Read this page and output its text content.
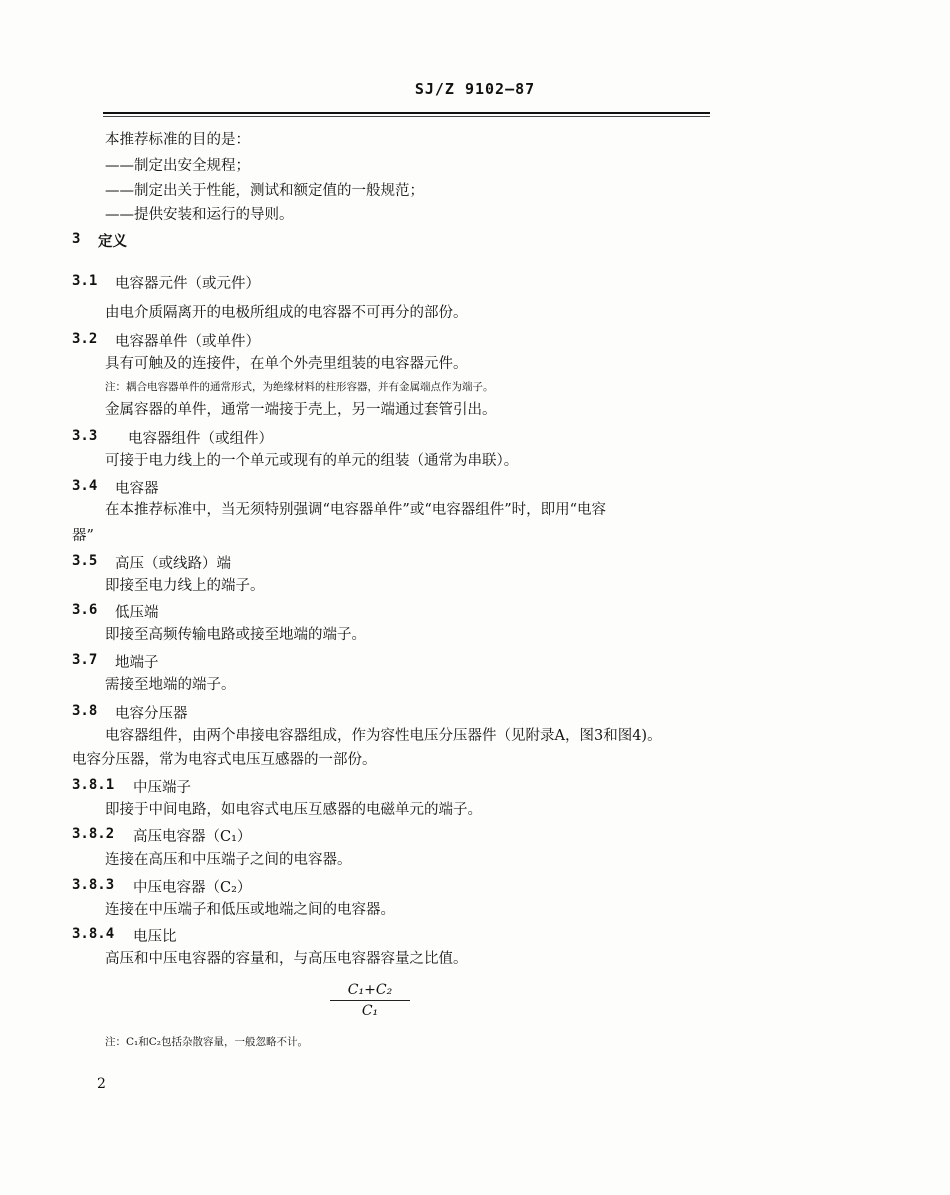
SJ/Z 9102—87
本推荐标准的目的是：
——制定出安全规程；
——制定出关于性能，测试和额定值的一般规范；
——提供安装和运行的导则。
3 定义
3.1 电容器元件（或元件）
由电介质隔离开的电极所组成的电容器不可再分的部份。
3.2 电容器单件（或单件）
具有可触及的连接件，在单个外壳里组装的电容器元件。
注：耦合电容器单件的通常形式，为绝缘材料的柱形容器，并有金属端点作为端子。
金属容器的单件，通常一端接于壳上，另一端通过套管引出。
3.3 电容器组件（或组件）
可接于电力线上的一个单元或现有的单元的组装（通常为串联）。
3.4 电容器
在本推荐标准中，当无须特别强调“电容器单件”或“电容器组件”时，即用“电容
器”
3.5 高压（或线路）端
即接至电力线上的端子。
3.6 低压端
即接至高频传输电路或接至地端的端子。
3.7 地端子
需接至地端的端子。
3.8 电容分压器
电容器组件，由两个串接电容器组成，作为容性电压分压器件（见附录A，图3和图4)。
电容分压器，常为电容式电压互感器的一部份。
3.8.1 中压端子
即接于中间电路，如电容式电压互感器的电磁单元的端子。
3.8.2 高压电容器（C₁）
连接在高压和中压端子之间的电容器。
3.8.3 中压电容器（C₂）
连接在中压端子和低压或地端之间的电容器。
3.8.4 电压比
高压和中压电容器的容量和，与高压电容器容量之比值。
C₁+C₂
C₁
注：C₁和C₂包括杂散容量，一般忽略不计。
2
